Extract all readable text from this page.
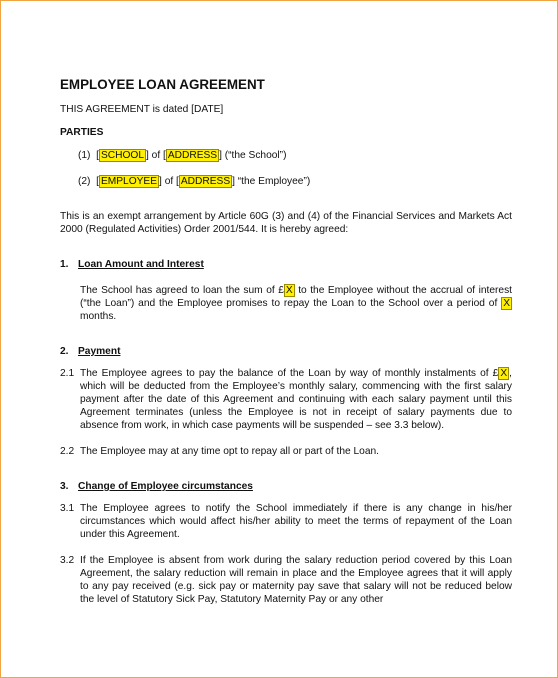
EMPLOYEE LOAN AGREEMENT
THIS AGREEMENT is dated [DATE]
PARTIES
(1) [ SCHOOL ] of [ ADDRESS ] (“the School”)
(2) [ EMPLOYEE ] of [ ADDRESS ] “the Employee”)
This is an exempt arrangement by Article 60G (3) and (4) of the Financial Services and Markets Act 2000 (Regulated Activities) Order 2001/544. It is hereby agreed:
1. Loan Amount and Interest
The School has agreed to loan the sum of £ X to the Employee without the accrual of interest (“the Loan”) and the Employee promises to repay the Loan to the School over a period of X months.
2. Payment
2.1 The Employee agrees to pay the balance of the Loan by way of monthly instalments of £ X , which will be deducted from the Employee’s monthly salary, commencing with the first salary payment after the date of this Agreement and continuing with each salary payment until this Agreement terminates (unless the Employee is not in receipt of salary payments due to absence from work, in which case payments will be suspended – see 3.3 below).
2.2 The Employee may at any time opt to repay all or part of the Loan.
3. Change of Employee circumstances
3.1 The Employee agrees to notify the School immediately if there is any change in his/her circumstances which would affect his/her ability to meet the terms of repayment of the Loan under this Agreement.
3.2 If the Employee is absent from work during the salary reduction period covered by this Loan Agreement, the salary reduction will remain in place and the Employee agrees that it will apply to any pay received (e.g. sick pay or maternity pay save that salary will not be reduced below the level of Statutory Sick Pay, Statutory Maternity Pay or any other
